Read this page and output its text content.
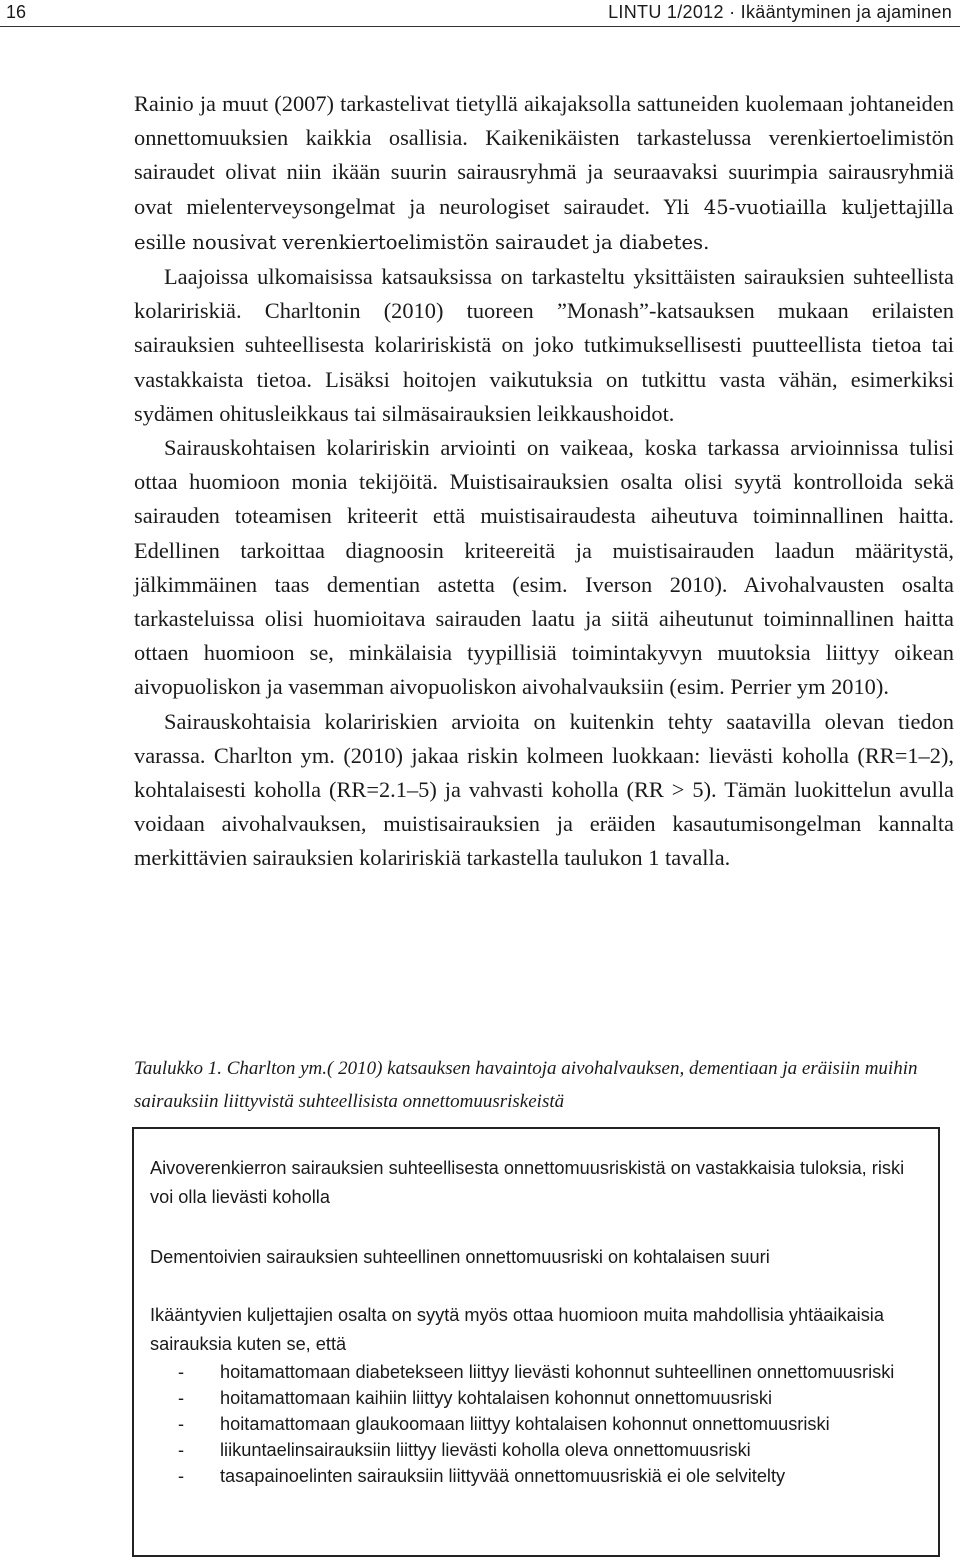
16	LINTU 1/2012 · Ikääntyminen ja ajaminen

Rainio ja muut (2007) tarkastelivat tietyllä aikajaksolla sattuneiden kuolemaan johtaneiden onnettomuuksien kaikkia osallisia. Kaikenikäisten tarkastelussa verenkiertoelimistön sairaudet olivat niin ikään suurin sairausryhmä ja seuraavaksi suurimpia sairausryhmiä ovat mielenterveysongelmat ja neurologiset sairaudet. Yli 45-vuotiailla kuljettajilla esille nousivat verenkiertoelimistön sairaudet ja diabetes.

Laajoissa ulkomaisissa katsauksissa on tarkasteltu yksittäisten sairauksien suhteellista kolaririskiä. Charltonin (2010) tuoreen ”Monash”-katsauksen mukaan erilaisten sairauksien suhteellisesta kolaririskistä on joko tutkimuksellisesti puutteellista tietoa tai vastakkaista tietoa. Lisäksi hoitojen vaikutuksia on tutkittu vasta vähän, esimerkiksi sydämen ohitusleikkaus tai silmäsairauksien leikkaushoidot.

Sairauskohtaisen kolaririskin arviointi on vaikeaa, koska tarkassa arvioinnissa tulisi ottaa huomioon monia tekijöitä. Muistisairauksien osalta olisi syytä kontrolloida sekä sairauden toteamisen kriteerit että muistisairaudesta aiheutuva toiminnallinen haitta. Edellinen tarkoittaa diagnoosin kriteereitä ja muistisairauden laadun määritystä, jälkimmäinen taas dementian astetta (esim. Iverson 2010). Aivohalvausten osalta tarkasteluissa olisi huomioitava sairauden laatu ja siitä aiheutunut toiminnallinen haitta ottaen huomioon se, minkälaisia tyypillisiä toimintakyvyn muutoksia liittyy oikean aivopuoliskon ja vasemman aivopuoliskon aivohalvauksiin (esim. Perrier ym 2010).

Sairauskohtaisia kolaririskien arvioita on kuitenkin tehty saatavilla olevan tiedon varassa. Charlton ym. (2010) jakaa riskin kolmeen luokkaan: lievästi koholla (RR=1–2), kohtalaisesti koholla (RR=2.1–5) ja vahvasti koholla (RR > 5). Tämän luokittelun avulla voidaan aivohalvauksen, muistisairauksien ja eräiden kasautumisongelman kannalta merkittävien sairauksien kolaririskiä tarkastella taulukon 1 tavalla.

Taulukko 1. Charlton ym.( 2010) katsauksen havaintoja aivohalvauksen, dementiaan ja eräisiin muihin sairauksiin liittyvistä suhteellisista onnettomuusriskeistä
Aivoverenkierron sairauksien suhteellisesta onnettomuusriskistä on vastakkaisia tuloksia, riski voi olla lievästi koholla
Dementoivien sairauksien suhteellinen onnettomuusriski on kohtalaisen suuri
Ikääntyvien kuljettajien osalta on syytä myös ottaa huomioon muita mahdollisia yhtäaikaisia sairauksia kuten se, että
- hoitamattomaan diabetekseen liittyy lievästi kohonnut suhteellinen onnettomuusriski
- hoitamattomaan kaihiin liittyy kohtalaisen kohonnut onnettomuusriski
- hoitamattomaan glaukoomaan liittyy kohtalaisen kohonnut onnettomuusriski
- liikuntaelinsairauksiin liittyy lievästi koholla oleva onnettomuusriski
- tasapainoelinten sairauksiin liittyvää onnettomuusriskiä ei ole selvitelty
